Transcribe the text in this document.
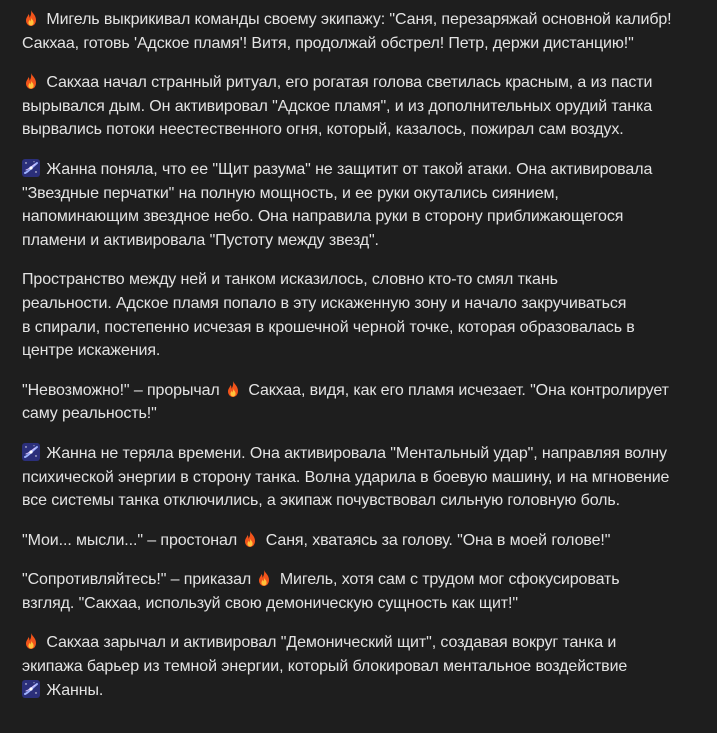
Мигель выкрикивал команды своему экипажу: "Саня, перезаряжай основной калибр!
Сакхаа, готовь 'Адское пламя'! Витя, продолжай обстрел! Петр, держи дистанцию!"

Сакхаа начал странный ритуал, его рогатая голова светилась красным, а из пасти
вырывался дым. Он активировал "Адское пламя", и из дополнительных орудий танка
вырвались потоки неестественного огня, который, казалось, пожирал сам воздух.

Жанна поняла, что ее "Щит разума" не защитит от такой атаки. Она активировала
"Звездные перчатки" на полную мощность, и ее руки окутались сиянием,
напоминающим звездное небо. Она направила руки в сторону приближающегося
пламени и активировала "Пустоту между звезд".

Пространство между ней и танком исказилось, словно кто-то смял ткань
реальности. Адское пламя попало в эту искаженную зону и начало закручиваться
в спирали, постепенно исчезая в крошечной черной точке, которая образовалась в
центре искажения.

"Невозможно!" – прорычал
Сакхаа, видя, как его пламя исчезает. "Она контролирует
саму реальность!"

Жанна не теряла времени. Она активировала "Ментальный удар", направляя волну
психической энергии в сторону танка. Волна ударила в боевую машину, и на мгновение
все системы танка отключились, а экипаж почувствовал сильную головную боль.

"Мои... мысли..." – простонал
Саня, хватаясь за голову. "Она в моей голове!"

"Сопротивляйтесь!" – приказал
Мигель, хотя сам с трудом мог сфокусировать
взгляд. "Сакхаа, используй свою демоническую сущность как щит!"

Сакхаа зарычал и активировал "Демонический щит", создавая вокруг танка и
экипажа барьер из темной энергии, который блокировал ментальное воздействие
Жанны.
